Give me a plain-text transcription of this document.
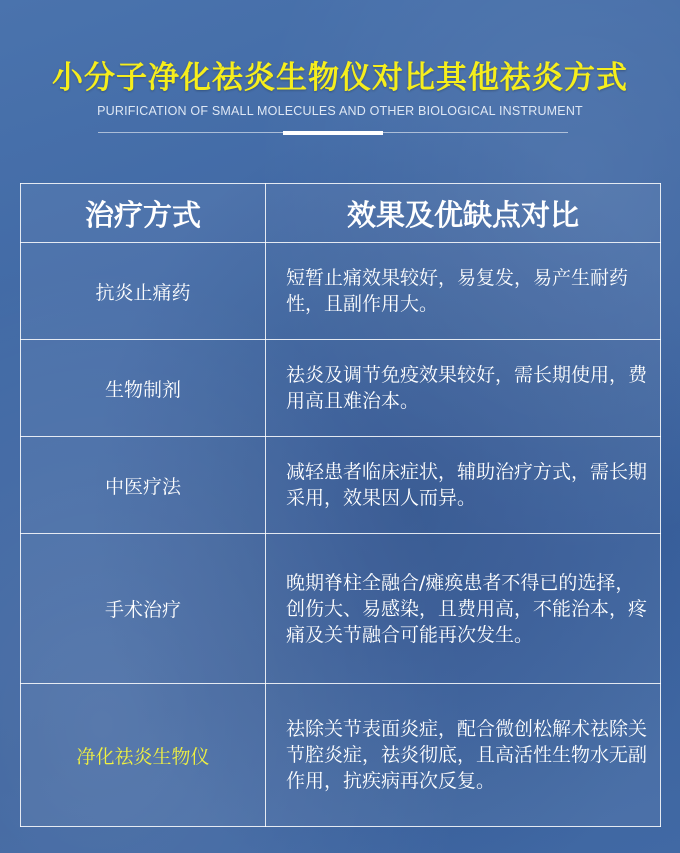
小分子净化祛炎生物仪对比其他祛炎方式
PURIFICATION OF SMALL MOLECULES AND OTHER BIOLOGICAL INSTRUMENT
治疗方式	效果及优缺点对比
抗炎止痛药	短暂止痛效果较好，易复发，易产生耐药性，且副作用大。
生物制剂	祛炎及调节免疫效果较好，需长期使用，费用高且难治本。
中医疗法	减轻患者临床症状，辅助治疗方式，需长期采用，效果因人而异。
手术治疗	晚期脊柱全融合/瘫痪患者不得已的选择，创伤大、易感染，且费用高，不能治本，疼痛及关节融合可能再次发生。
净化祛炎生物仪	祛除关节表面炎症，配合微创松解术祛除关节腔炎症，祛炎彻底，且高活性生物水无副作用，抗疾病再次反复。
